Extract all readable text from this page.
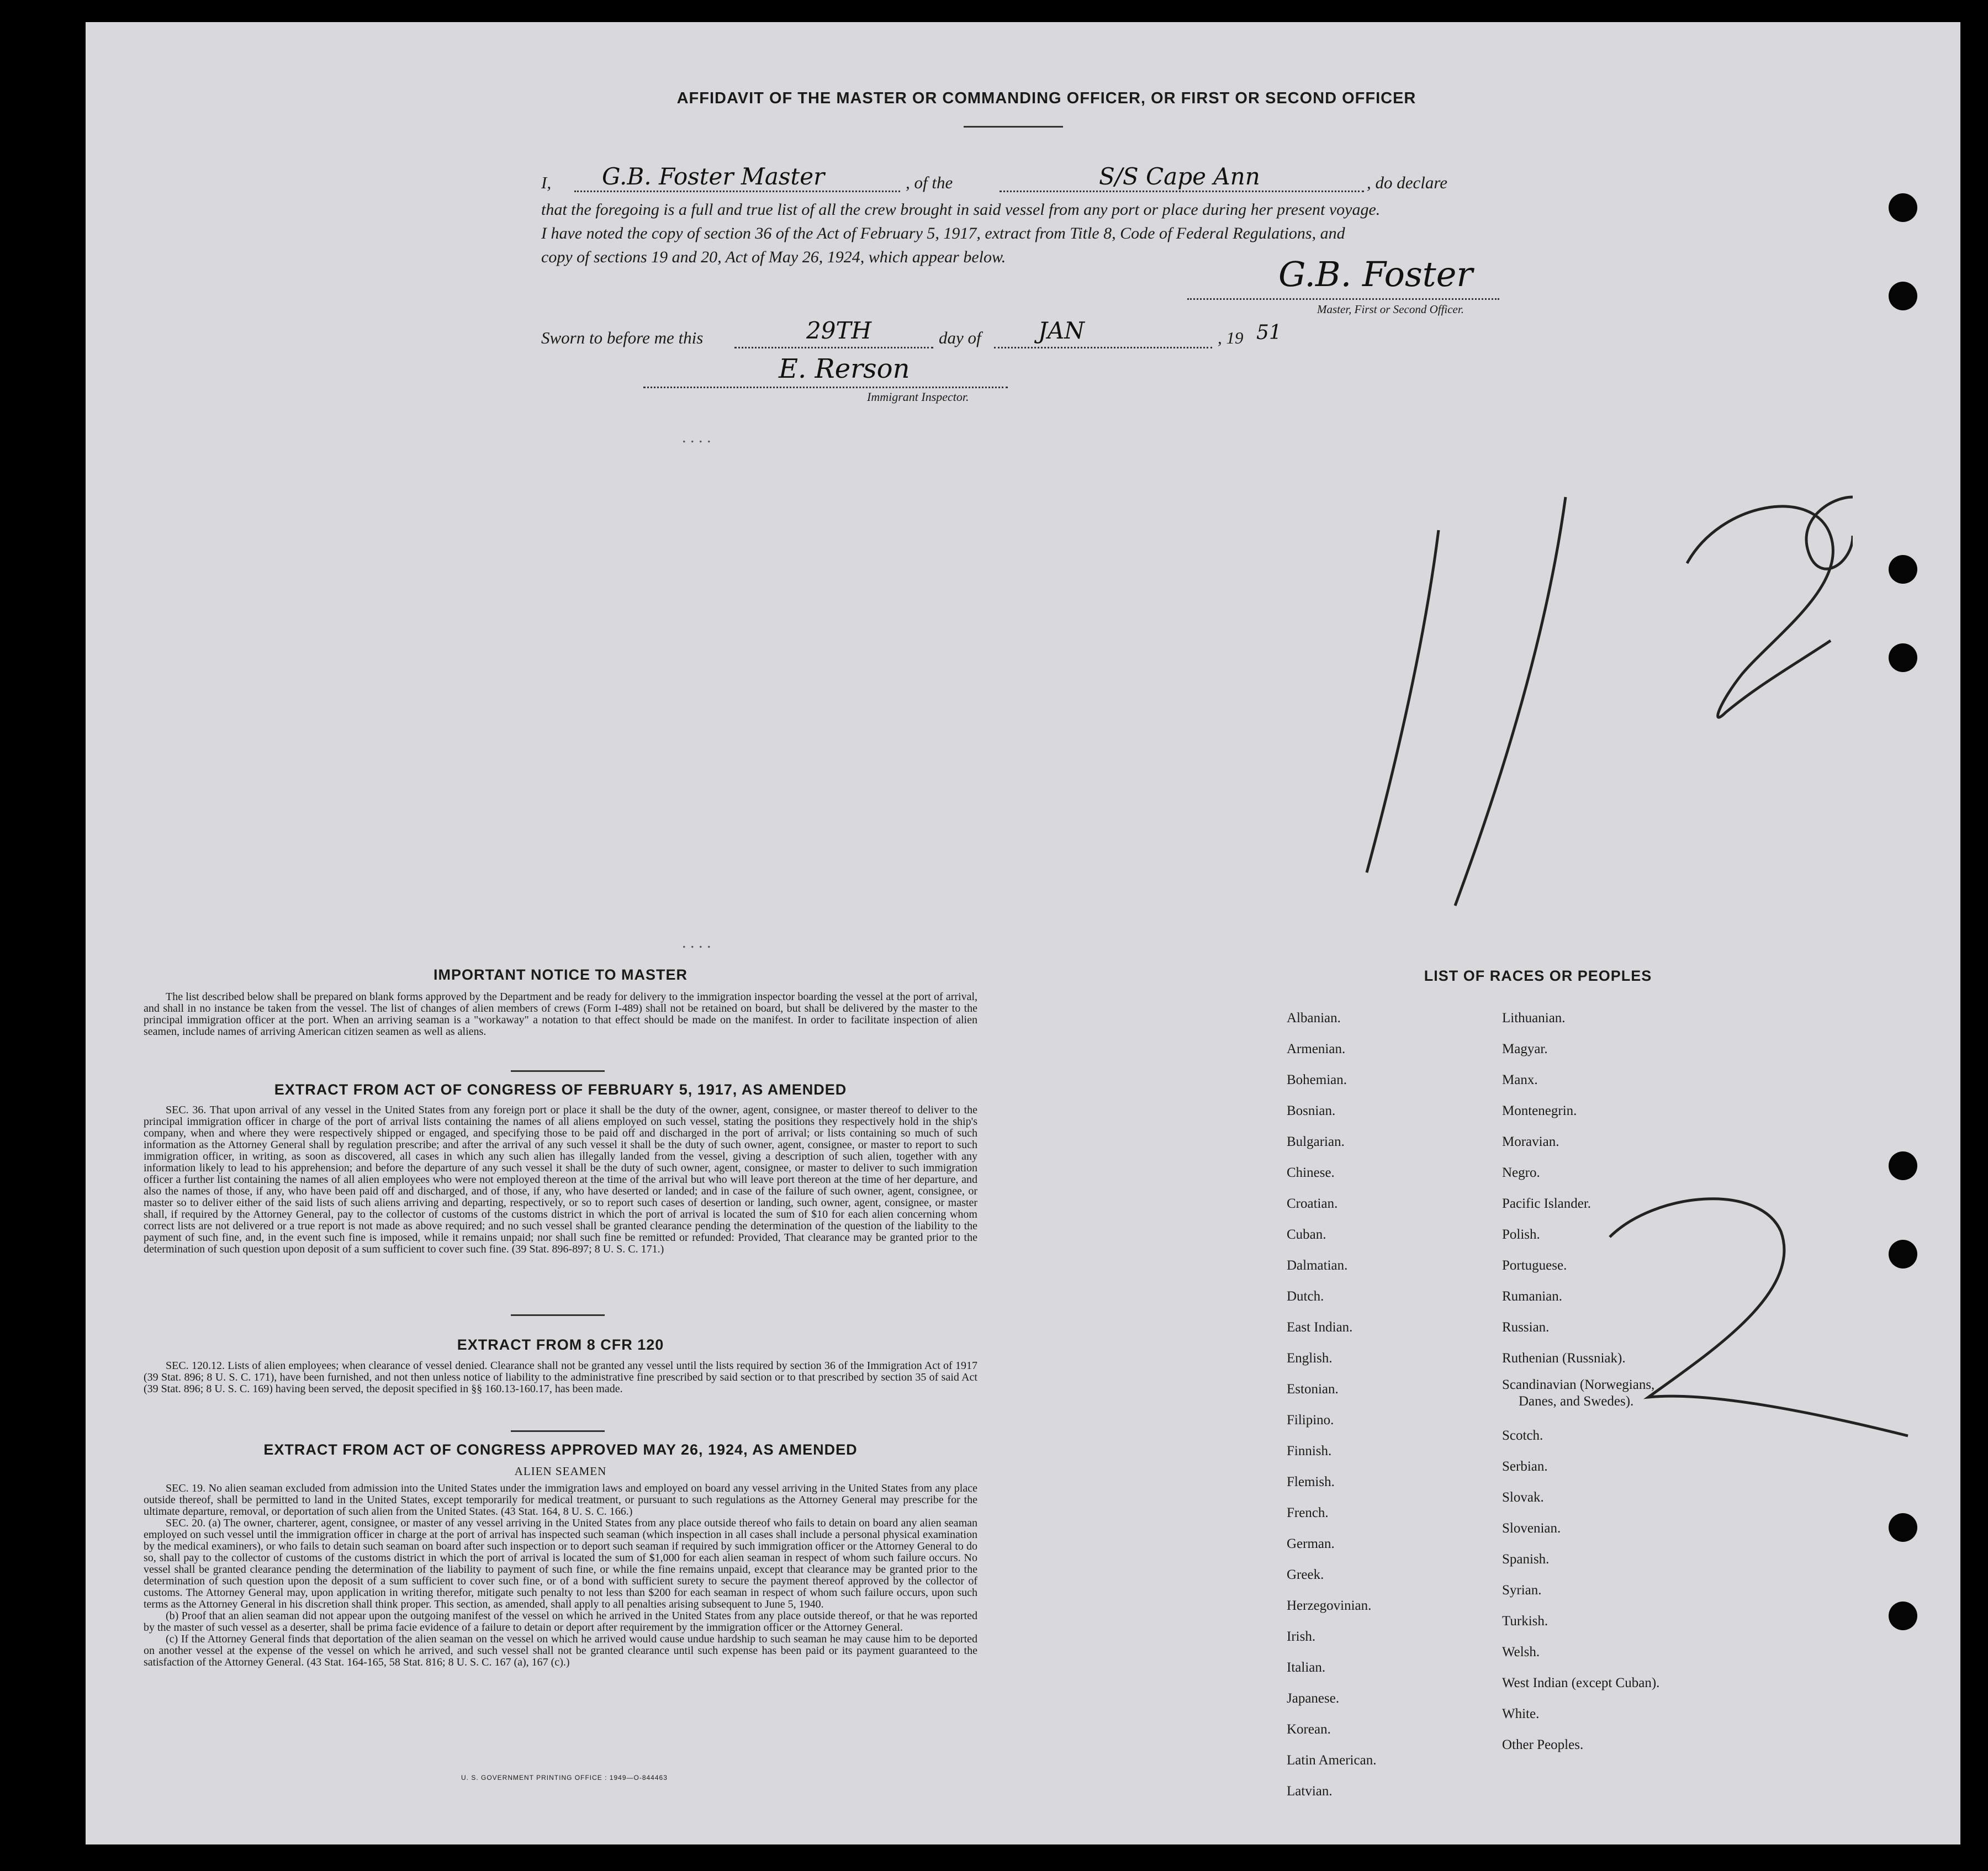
AFFIDAVIT OF THE MASTER OR COMMANDING OFFICER, OR FIRST OR SECOND OFFICER
I, G.B. Foster Master	, of the	S/S Cape Ann	, do declare
that the foregoing is a full and true list of all the crew brought in said vessel from any port or place during her present voyage.
I have noted the copy of section 36 of the Act of February 5, 1917, extract from Title 8, Code of Federal Regulations, and
copy of sections 19 and 20, Act of May 26, 1924, which appear below.	G.B. Foster
Master, First or Second Officer.
Sworn to before me this	29TH	day of JAN	, 19 51
E. Rerson
Immigrant Inspector.
. . . .
. . . .
IMPORTANT NOTICE TO MASTER
The list described below shall be prepared on blank forms approved by the Department and be ready for delivery to the immigration inspector boarding the vessel at the port of arrival, and shall in no instance be taken from the vessel. The list of changes of alien members of crews (Form I-489) shall not be retained on board, but shall be delivered by the master to the principal immigration officer at the port. When an arriving seaman is a "workaway" a notation to that effect should be made on the manifest. In order to facilitate inspection of alien seamen, include names of arriving American citizen seamen as well as aliens.
EXTRACT FROM ACT OF CONGRESS OF FEBRUARY 5, 1917, AS AMENDED
SEC. 36. That upon arrival of any vessel in the United States from any foreign port or place it shall be the duty of the owner, agent, consignee, or master thereof to deliver to the principal immigration officer in charge of the port of arrival lists containing the names of all aliens employed on such vessel, stating the positions they respectively hold in the ship's company, when and where they were respectively shipped or engaged, and specifying those to be paid off and discharged in the port of arrival; or lists containing so much of such information as the Attorney General shall by regulation prescribe; and after the arrival of any such vessel it shall be the duty of such owner, agent, consignee, or master to report to such immigration officer, in writing, as soon as discovered, all cases in which any such alien has illegally landed from the vessel, giving a description of such alien, together with any information likely to lead to his apprehension; and before the departure of any such vessel it shall be the duty of such owner, agent, consignee, or master to deliver to such immigration officer a further list containing the names of all alien employees who were not employed thereon at the time of the arrival but who will leave port thereon at the time of her departure, and also the names of those, if any, who have been paid off and discharged, and of those, if any, who have deserted or landed; and in case of the failure of such owner, agent, consignee, or master so to deliver either of the said lists of such aliens arriving and departing, respectively, or so to report such cases of desertion or landing, such owner, agent, consignee, or master shall, if required by the Attorney General, pay to the collector of customs of the customs district in which the port of arrival is located the sum of $10 for each alien concerning whom correct lists are not delivered or a true report is not made as above required; and no such vessel shall be granted clearance pending the determination of the question of the liability to the payment of such fine, and, in the event such fine is imposed, while it remains unpaid; nor shall such fine be remitted or refunded: Provided, That clearance may be granted prior to the determination of such question upon deposit of a sum sufficient to cover such fine. (39 Stat. 896-897; 8 U. S. C. 171.)
EXTRACT FROM 8 CFR 120
SEC. 120.12. Lists of alien employees; when clearance of vessel denied. Clearance shall not be granted any vessel until the lists required by section 36 of the Immigration Act of 1917 (39 Stat. 896; 8 U. S. C. 171), have been furnished, and not then unless notice of liability to the administrative fine prescribed by said section or to that prescribed by section 35 of said Act (39 Stat. 896; 8 U. S. C. 169) having been served, the deposit specified in §§ 160.13-160.17, has been made.
EXTRACT FROM ACT OF CONGRESS APPROVED MAY 26, 1924, AS AMENDED
ALIEN SEAMEN
SEC. 19. No alien seaman excluded from admission into the United States under the immigration laws and employed on board any vessel arriving in the United States from any place outside thereof, shall be permitted to land in the United States, except temporarily for medical treatment, or pursuant to such regulations as the Attorney General may prescribe for the ultimate departure, removal, or deportation of such alien from the United States. (43 Stat. 164, 8 U. S. C. 166.)
SEC. 20. (a) The owner, charterer, agent, consignee, or master of any vessel arriving in the United States from any place outside thereof who fails to detain on board any alien seaman employed on such vessel until the immigration officer in charge at the port of arrival has inspected such seaman (which inspection in all cases shall include a personal physical examination by the medical examiners), or who fails to detain such seaman on board after such inspection or to deport such seaman if required by such immigration officer or the Attorney General to do so, shall pay to the collector of customs of the customs district in which the port of arrival is located the sum of $1,000 for each alien seaman in respect of whom such failure occurs. No vessel shall be granted clearance pending the determination of the liability to payment of such fine, or while the fine remains unpaid, except that clearance may be granted prior to the determination of such question upon the deposit of a sum sufficient to cover such fine, or of a bond with sufficient surety to secure the payment thereof approved by the collector of customs. The Attorney General may, upon application in writing therefor, mitigate such penalty to not less than $200 for each seaman in respect of whom such failure occurs, upon such terms as the Attorney General in his discretion shall think proper. This section, as amended, shall apply to all penalties arising subsequent to June 5, 1940.
(b) Proof that an alien seaman did not appear upon the outgoing manifest of the vessel on which he arrived in the United States from any place outside thereof, or that he was reported by the master of such vessel as a deserter, shall be prima facie evidence of a failure to detain or deport after requirement by the immigration officer or the Attorney General.
(c) If the Attorney General finds that deportation of the alien seaman on the vessel on which he arrived would cause undue hardship to such seaman he may cause him to be deported on another vessel at the expense of the vessel on which he arrived, and such vessel shall not be granted clearance until such expense has been paid or its payment guaranteed to the satisfaction of the Attorney General. (43 Stat. 164-165, 58 Stat. 816; 8 U. S. C. 167 (a), 167 (c).)
U. S. GOVERNMENT PRINTING OFFICE : 1949—O-844463
LIST OF RACES OR PEOPLES
Albanian.
Armenian.
Bohemian.
Bosnian.
Bulgarian.
Chinese.
Croatian.
Cuban.
Dalmatian.
Dutch.
East Indian.
English.
Estonian.
Filipino.
Finnish.
Flemish.
French.
German.
Greek.
Herzegovinian.
Irish.
Italian.
Japanese.
Korean.
Latin American.
Latvian.
Lithuanian.
Magyar.
Manx.
Montenegrin.
Moravian.
Negro.
Pacific Islander.
Polish.
Portuguese.
Rumanian.
Russian.
Ruthenian (Russniak).
Scandinavian (Norwegians,
Danes, and Swedes).
Scotch.
Serbian.
Slovak.
Slovenian.
Spanish.
Syrian.
Turkish.
Welsh.
West Indian (except Cuban).
White.
Other Peoples.
